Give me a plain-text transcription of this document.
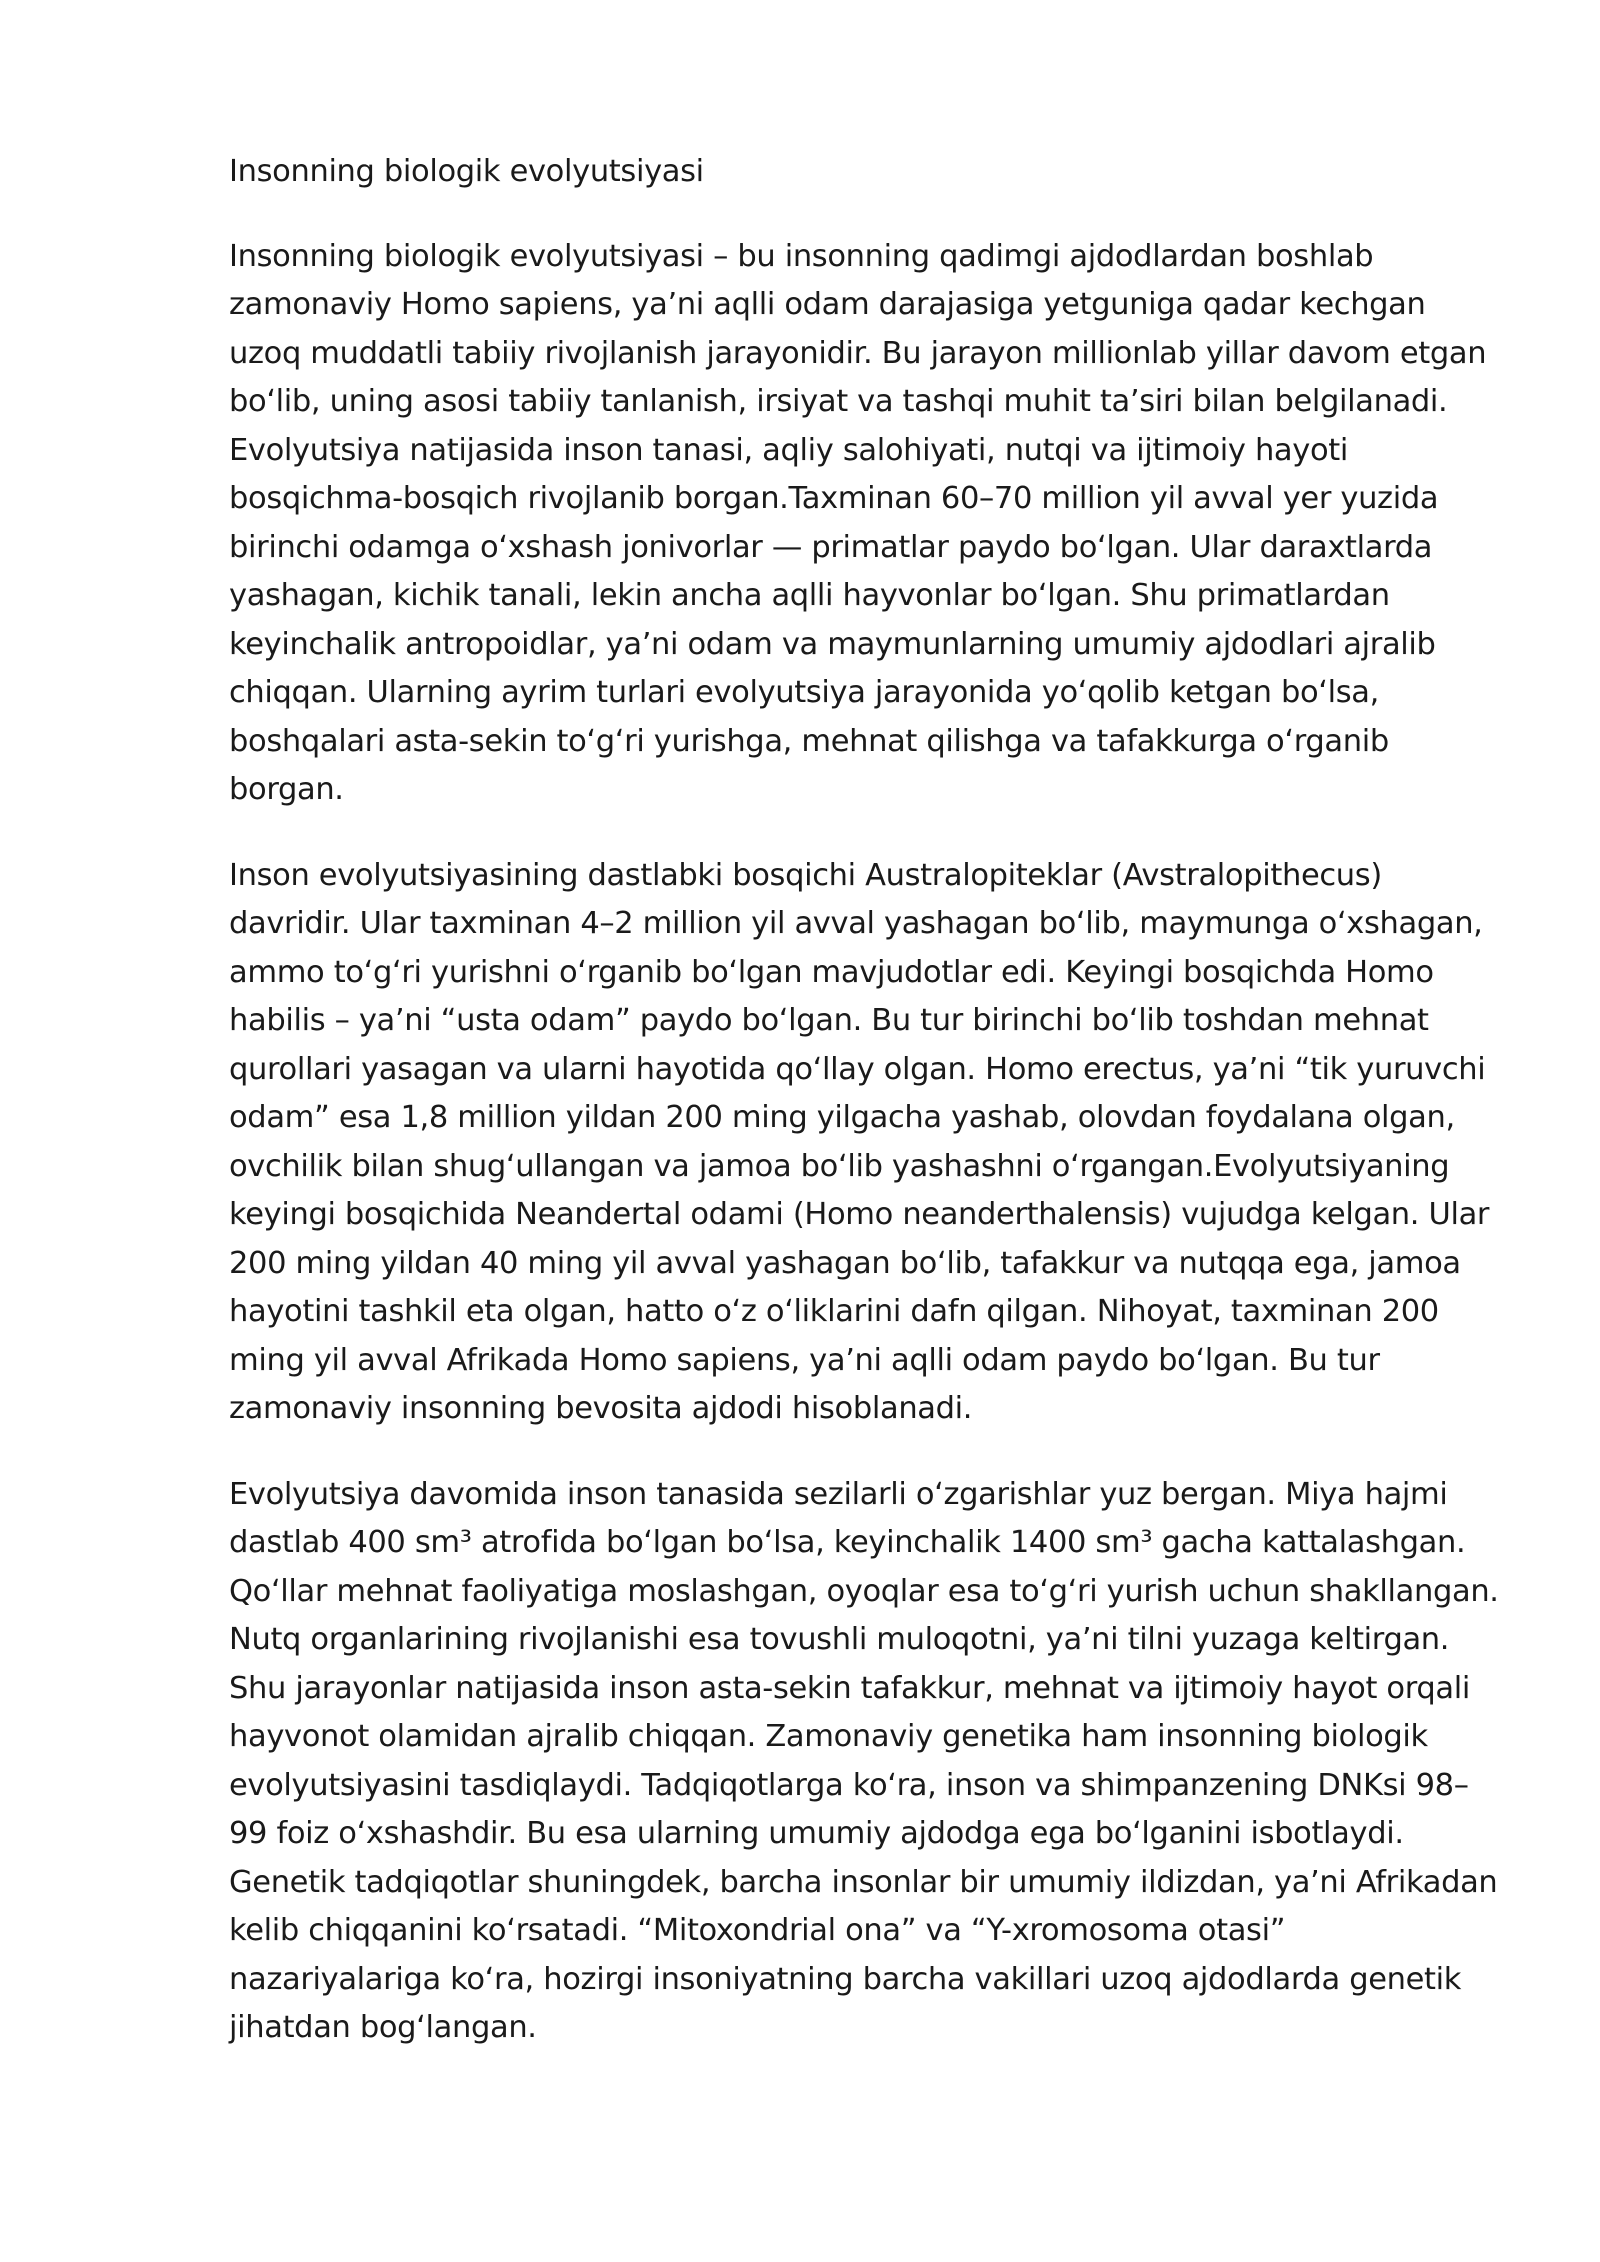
Insonning biologik evolyutsiyasi

Insonning biologik evolyutsiyasi – bu insonning qadimgi ajdodlardan boshlab zamonaviy Homo sapiens, ya’ni aqlli odam darajasiga yetguniga qadar kechgan uzoq muddatli tabiiy rivojlanish jarayonidir. Bu jarayon millionlab yillar davom etgan boʻlib, uning asosi tabiiy tanlanish, irsiyat va tashqi muhit ta’siri bilan belgilanadi. Evolyutsiya natijasida inson tanasi, aqliy salohiyati, nutqi va ijtimoiy hayoti bosqichma-bosqich rivojlanib borgan.Taxminan 60–70 million yil avval yer yuzida birinchi odamga oʻxshash jonivorlar — primatlar paydo boʻlgan. Ular daraxtlarda yashagan, kichik tanali, lekin ancha aqlli hayvonlar boʻlgan. Shu primatlardan keyinchalik antropoidlar, ya’ni odam va maymunlarning umumiy ajdodlari ajralib chiqqan. Ularning ayrim turlari evolyutsiya jarayonida yoʻqolib ketgan boʻlsa, boshqalari asta-sekin toʻgʻri yurishga, mehnat qilishga va tafakkurga oʻrganib borgan.

Inson evolyutsiyasining dastlabki bosqichi Australopiteklar (Avstralopithecus) davridir. Ular taxminan 4–2 million yil avval yashagan boʻlib, maymunga oʻxshagan, ammo toʻgʻri yurishni oʻrganib boʻlgan mavjudotlar edi. Keyingi bosqichda Homo habilis – ya’ni “usta odam” paydo boʻlgan. Bu tur birinchi boʻlib toshdan mehnat qurollari yasagan va ularni hayotida qoʻllay olgan. Homo erectus, ya’ni “tik yuruvchi odam” esa 1,8 million yildan 200 ming yilgacha yashab, olovdan foydalana olgan, ovchilik bilan shugʻullangan va jamoa boʻlib yashashni oʻrgangan.Evolyutsiyaning keyingi bosqichida Neandertal odami (Homo neanderthalensis) vujudga kelgan. Ular 200 ming yildan 40 ming yil avval yashagan boʻlib, tafakkur va nutqqa ega, jamoa hayotini tashkil eta olgan, hatto oʻz oʻliklarini dafn qilgan. Nihoyat, taxminan 200 ming yil avval Afrikada Homo sapiens, ya’ni aqlli odam paydo boʻlgan. Bu tur zamonaviy insonning bevosita ajdodi hisoblanadi.

Evolyutsiya davomida inson tanasida sezilarli oʻzgarishlar yuz bergan. Miya hajmi dastlab 400 sm³ atrofida boʻlgan boʻlsa, keyinchalik 1400 sm³ gacha kattalashgan. Qoʻllar mehnat faoliyatiga moslashgan, oyoqlar esa toʻgʻri yurish uchun shakllangan. Nutq organlarining rivojlanishi esa tovushli muloqotni, ya’ni tilni yuzaga keltirgan. Shu jarayonlar natijasida inson asta-sekin tafakkur, mehnat va ijtimoiy hayot orqali hayvonot olamidan ajralib chiqqan. Zamonaviy genetika ham insonning biologik evolyutsiyasini tasdiqlaydi. Tadqiqotlarga koʻra, inson va shimpanzening DNKsi 98–99 foiz oʻxshashdir. Bu esa ularning umumiy ajdodga ega boʻlganini isbotlaydi. Genetik tadqiqotlar shuningdek, barcha insonlar bir umumiy ildizdan, ya’ni Afrikadan kelib chiqqanini koʻrsatadi. “Mitoxondrial ona” va “Y-xromosoma otasi” nazariyalariga koʻra, hozirgi insoniyatning barcha vakillari uzoq ajdodlarda genetik jihatdan bogʻlangan.
